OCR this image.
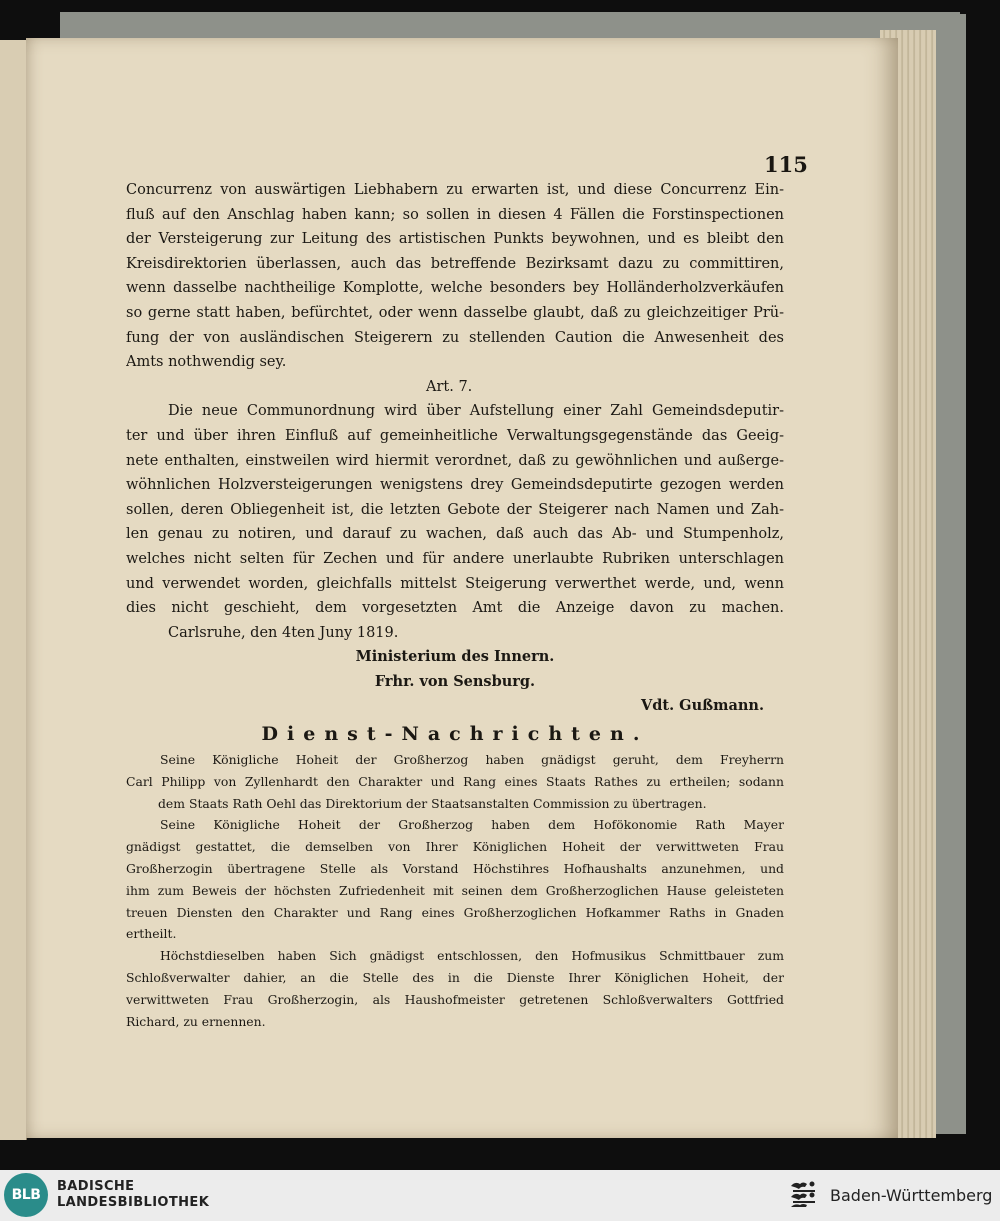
115
Concurrenz von auswärtigen Liebhabern zu erwarten ist, und diese Concurrenz Ein-
fluß auf den Anschlag haben kann; so sollen in diesen 4 Fällen die Forstinspectionen
der Versteigerung zur Leitung des artistischen Punkts beywohnen, und es bleibt den
Kreisdirektorien überlassen, auch das betreffende Bezirksamt dazu zu committiren,
wenn dasselbe nachtheilige Komplotte, welche besonders bey Holländerholzverkäufen
so gerne statt haben, befürchtet, oder wenn dasselbe glaubt, daß zu gleichzeitiger Prü-
fung der von ausländischen Steigerern zu stellenden Caution die Anwesenheit des
Amts nothwendig sey.
Art. 7.
Die neue Communordnung wird über Aufstellung einer Zahl Gemeindsdeputir-
ter und über ihren Einfluß auf gemeinheitliche Verwaltungsgegenstände das Geeig-
nete enthalten, einstweilen wird hiermit verordnet, daß zu gewöhnlichen und außerge-
wöhnlichen Holzversteigerungen wenigstens drey Gemeindsdeputirte gezogen werden
sollen, deren Obliegenheit ist, die letzten Gebote der Steigerer nach Namen und Zah-
len genau zu notiren, und darauf zu wachen, daß auch das Ab- und Stumpenholz,
welches nicht selten für Zechen und für andere unerlaubte Rubriken unterschlagen
und verwendet worden, gleichfalls mittelst Steigerung verwerthet werde, und, wenn
dies nicht geschieht, dem vorgesetzten Amt die Anzeige davon zu machen.
Carlsruhe, den 4ten Juny 1819.
Ministerium des Innern.
Frhr. von Sensburg.
Vdt. Gußmann.
Dienst-Nachrichten.
Seine Königliche Hoheit der Großherzog haben gnädigst geruht, dem Freyherrn
Carl Philipp von Zyllenhardt den Charakter und Rang eines Staats Rathes zu ertheilen; sodann
dem Staats Rath Oehl das Direktorium der Staatsanstalten Commission zu übertragen.
Seine Königliche Hoheit der Großherzog haben dem Hofökonomie Rath Mayer
gnädigst gestattet, die demselben von Ihrer Königlichen Hoheit der verwittweten Frau
Großherzogin übertragene Stelle als Vorstand Höchstihres Hofhaushalts anzunehmen, und
ihm zum Beweis der höchsten Zufriedenheit mit seinen dem Großherzoglichen Hause geleisteten
treuen Diensten den Charakter und Rang eines Großherzoglichen Hofkammer Raths in Gnaden
ertheilt.
Höchstdieselben haben Sich gnädigst entschlossen, den Hofmusikus Schmittbauer zum
Schloßverwalter dahier, an die Stelle des in die Dienste Ihrer Königlichen Hoheit, der
verwittweten Frau Großherzogin, als Haushofmeister getretenen Schloßverwalters Gottfried
Richard, zu ernennen.
BLB
BADISCHE
LANDESBIBLIOTHEK	Baden-Württemberg
